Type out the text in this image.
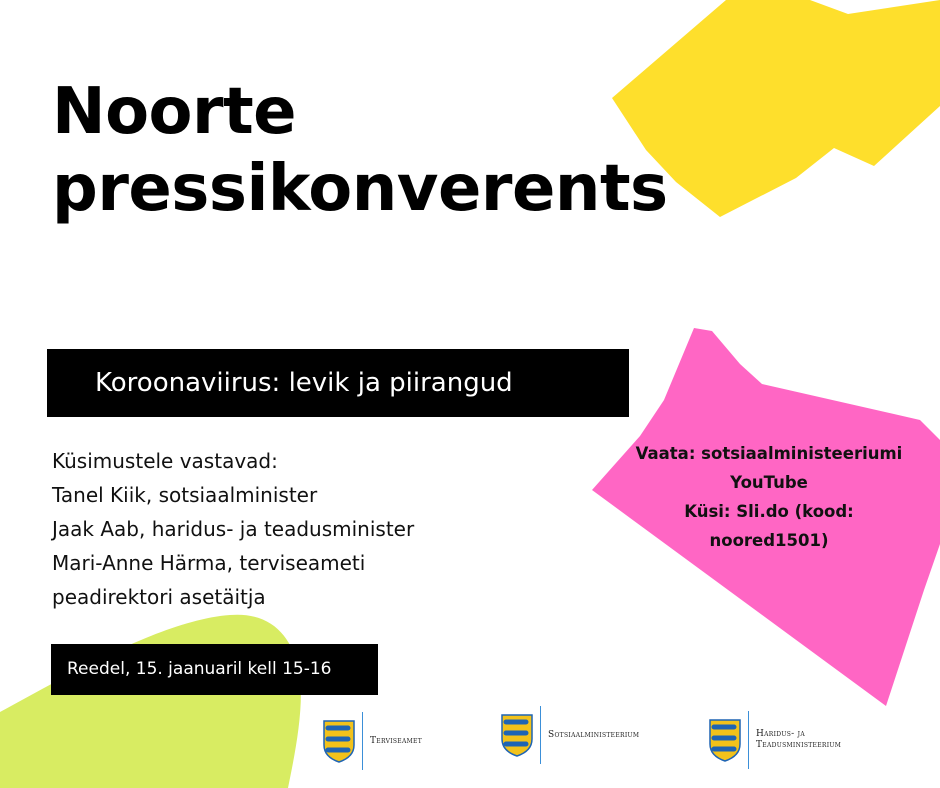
Noorte
pressikonverents
Koroonaviirus: levik ja piirangud
Küsimustele vastavad:
Tanel Kiik, sotsiaalminister
Jaak Aab, haridus- ja teadusminister
Mari-Anne Härma, terviseameti
peadirektori asetäitja
Reedel, 15. jaanuaril kell 15-16
Vaata: sotsiaalministeeriumi
YouTube
Küsi: Sli.do (kood:
noored1501)
Terviseamet
Sotsiaalministeerium	Haridus- ja
Teadusministeerium
